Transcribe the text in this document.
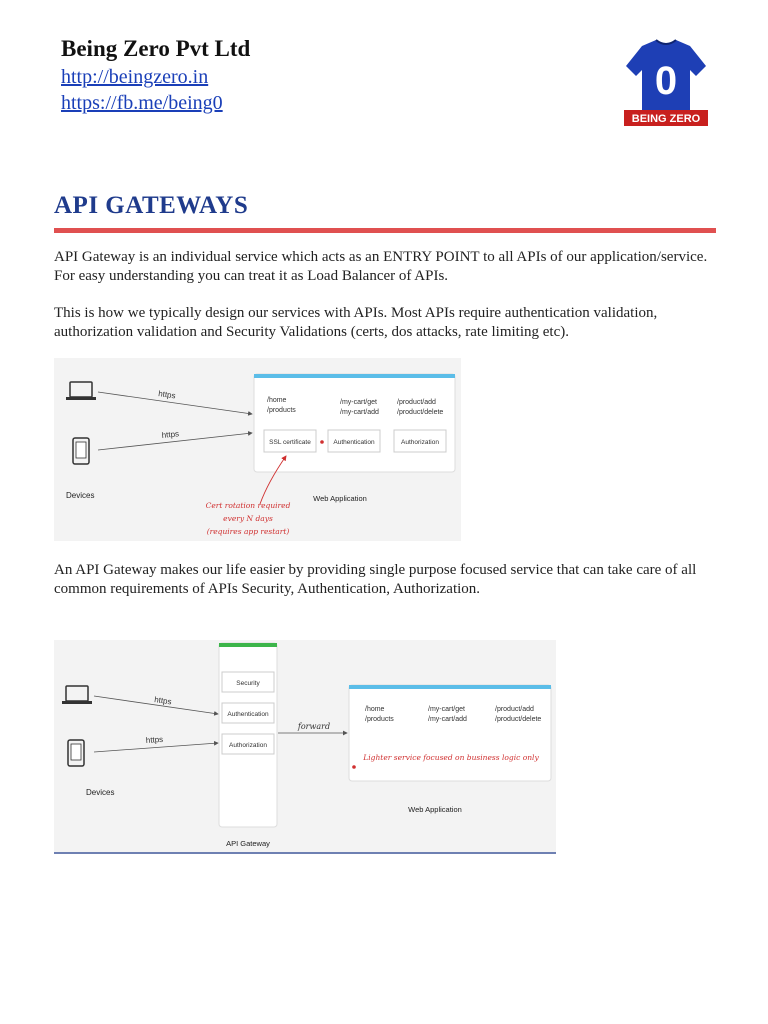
Being Zero Pvt Ltd
http://beingzero.in
https://fb.me/being0	0
BEING ZERO
API GATEWAYS

API Gateway is an individual service which acts as an ENTRY POINT to all APIs of our application/service. For easy understanding you can treat it as Load Balancer of APIs.

This is how we typically design our services with APIs. Most APIs require authentication validation, authorization validation and Security Validations (certs, dos attacks, rate limiting etc).

https
https
Devices
/home
/products
/my-cart/get
/my-cart/add
/product/add
/product/delete
SSL certificate	Authentication	Authorization
Web Application
Cert rotation required
every N days
(requires app restart)

An API Gateway makes our life easier by providing single purpose focused service that can take care of all common requirements of APIs Security, Authentication, Authorization.

https
https
Devices
Security
Authentication
Authorization
API Gateway
forward
/home
/products
/my-cart/get
/my-cart/add
/product/add
/product/delete
Lighter service focused on business logic only
Web Application
